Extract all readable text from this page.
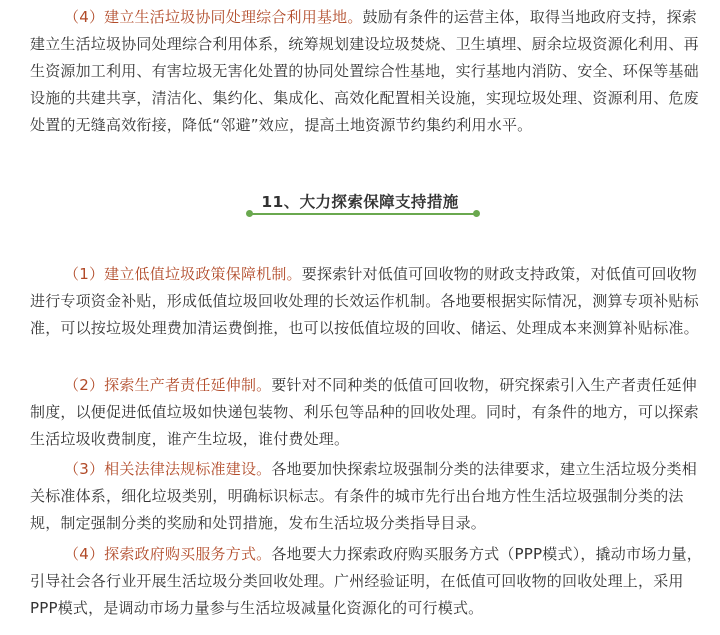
（4）建立生活垃圾协同处理综合利用基地。鼓励有条件的运营主体，取得当地政府支持，探索建立生活垃圾协同处理综合利用体系，统筹规划建设垃圾焚烧、卫生填埋、厨余垃圾资源化利用、再生资源加工利用、有害垃圾无害化处置的协同处置综合性基地，实行基地内消防、安全、环保等基础设施的共建共享，清洁化、集约化、集成化、高效化配置相关设施，实现垃圾处理、资源利用、危废处置的无缝高效衔接，降低“邻避”效应，提高土地资源节约集约利用水平。

11、大力探索保障支持措施

（1）建立低值垃圾政策保障机制。要探索针对低值可回收物的财政支持政策，对低值可回收物进行专项资金补贴，形成低值垃圾回收处理的长效运作机制。各地要根据实际情况，测算专项补贴标准，可以按垃圾处理费加清运费倒推，也可以按低值垃圾的回收、储运、处理成本来测算补贴标准。

（2）探索生产者责任延伸制。要针对不同种类的低值可回收物，研究探索引入生产者责任延伸制度，以便促进低值垃圾如快递包装物、利乐包等品种的回收处理。同时，有条件的地方，可以探索生活垃圾收费制度，谁产生垃圾，谁付费处理。

（3）相关法律法规标准建设。各地要加快探索垃圾强制分类的法律要求，建立生活垃圾分类相关标准体系，细化垃圾类别，明确标识标志。有条件的城市先行出台地方性生活垃圾强制分类的法规，制定强制分类的奖励和处罚措施，发布生活垃圾分类指导目录。

（4）探索政府购买服务方式。各地要大力探索政府购买服务方式（PPP模式），撬动市场力量，引导社会各行业开展生活垃圾分类回收处理。广州经验证明，在低值可回收物的回收处理上，采用PPP模式，是调动市场力量参与生活垃圾减量化资源化的可行模式。
